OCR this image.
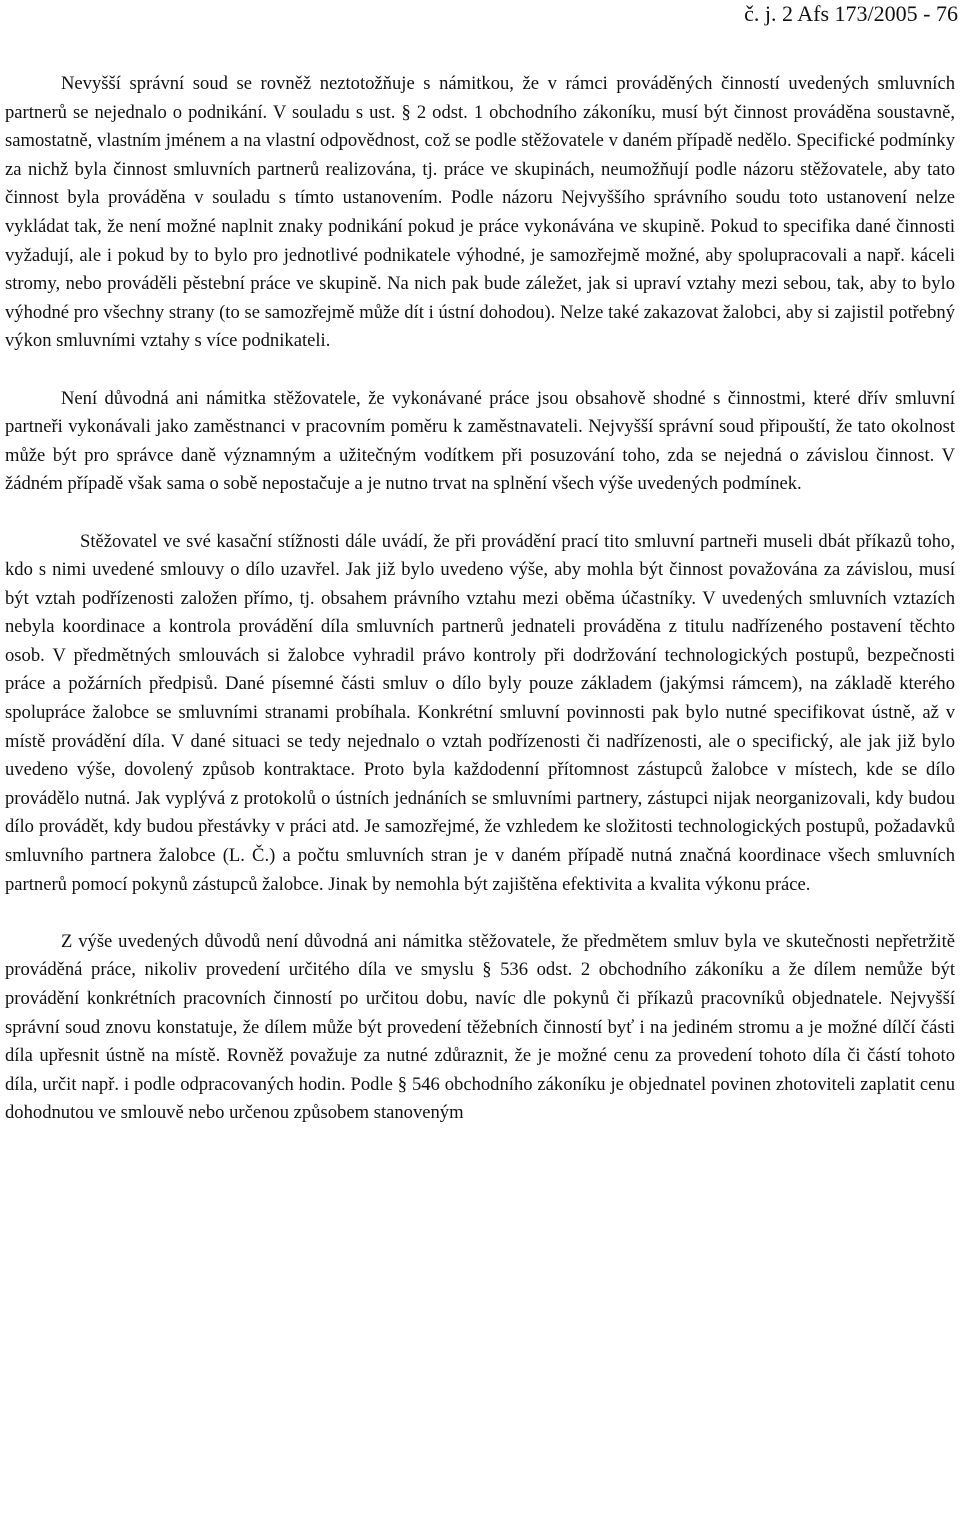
č. j. 2 Afs 173/2005 - 76

Nevyšší správní soud se rovněž neztotožňuje s námitkou, že v rámci prováděných činností uvedených smluvních partnerů se nejednalo o podnikání. V souladu s ust. § 2 odst. 1 obchodního zákoníku, musí být činnost prováděna soustavně, samostatně, vlastním jménem a na vlastní odpovědnost, což se podle stěžovatele v daném případě nedělo. Specifické podmínky za nichž byla činnost smluvních partnerů realizována, tj. práce ve skupinách, neumožňují podle názoru stěžovatele, aby tato činnost byla prováděna v souladu s tímto ustanovením. Podle názoru Nejvyššího správního soudu toto ustanovení nelze vykládat tak, že není možné naplnit znaky podnikání pokud je práce vykonávána ve skupině. Pokud to specifika dané činnosti vyžadují, ale i pokud by to bylo pro jednotlivé podnikatele výhodné, je samozřejmě možné, aby spolupracovali a např. káceli stromy, nebo prováděli pěstební práce ve skupině. Na nich pak bude záležet, jak si upraví vztahy mezi sebou, tak, aby to bylo výhodné pro všechny strany (to se samozřejmě může dít i ústní dohodou). Nelze také zakazovat žalobci, aby si zajistil potřebný výkon smluvními vztahy s více podnikateli.

Není důvodná ani námitka stěžovatele, že vykonávané práce jsou obsahově shodné s činnostmi, které dřív smluvní partneři vykonávali jako zaměstnanci v pracovním poměru k zaměstnavateli. Nejvyšší správní soud připouští, že tato okolnost může být pro správce daně významným a užitečným vodítkem při posuzování toho, zda se nejedná o závislou činnost. V žádném případě však sama o sobě nepostačuje a je nutno trvat na splnění všech výše uvedených podmínek.

Stěžovatel ve své kasační stížnosti dále uvádí, že při provádění prací tito smluvní partneři museli dbát příkazů toho, kdo s nimi uvedené smlouvy o dílo uzavřel. Jak již bylo uvedeno výše, aby mohla být činnost považována za závislou, musí být vztah podřízenosti založen přímo, tj. obsahem právního vztahu mezi oběma účastníky. V uvedených smluvních vztazích nebyla koordinace a kontrola provádění díla smluvních partnerů jednateli prováděna z titulu nadřízeného postavení těchto osob. V předmětných smlouvách si žalobce vyhradil právo kontroly při dodržování technologických postupů, bezpečnosti práce a požárních předpisů. Dané písemné části smluv o dílo byly pouze základem (jakýmsi rámcem), na základě kterého spolupráce žalobce se smluvními stranami probíhala. Konkrétní smluvní povinnosti pak bylo nutné specifikovat ústně, až v místě provádění díla. V dané situaci se tedy nejednalo o vztah podřízenosti či nadřízenosti, ale o specifický, ale jak již bylo uvedeno výše, dovolený způsob kontraktace. Proto byla každodenní přítomnost zástupců žalobce v místech, kde se dílo provádělo nutná. Jak vyplývá z protokolů o ústních jednáních se smluvními partnery, zástupci nijak neorganizovali, kdy budou dílo provádět, kdy budou přestávky v práci atd. Je samozřejmé, že vzhledem ke složitosti technologických postupů, požadavků smluvního partnera žalobce (L. Č.) a počtu smluvních stran je v daném případě nutná značná koordinace všech smluvních partnerů pomocí pokynů zástupců žalobce. Jinak by nemohla být zajištěna efektivita a kvalita výkonu práce.

Z výše uvedených důvodů není důvodná ani námitka stěžovatele, že předmětem smluv byla ve skutečnosti nepřetržitě prováděná práce, nikoliv provedení určitého díla ve smyslu § 536 odst. 2 obchodního zákoníku a že dílem nemůže být provádění konkrétních pracovních činností po určitou dobu, navíc dle pokynů či příkazů pracovníků objednatele. Nejvyšší správní soud znovu konstatuje, že dílem může být provedení těžebních činností byť i na jediném stromu a je možné dílčí části díla upřesnit ústně na místě. Rovněž považuje za nutné zdůraznit, že je možné cenu za provedení tohoto díla či částí tohoto díla, určit např. i podle odpracovaných hodin. Podle § 546 obchodního zákoníku je objednatel povinen zhotoviteli zaplatit cenu dohodnutou ve smlouvě nebo určenou způsobem stanoveným
